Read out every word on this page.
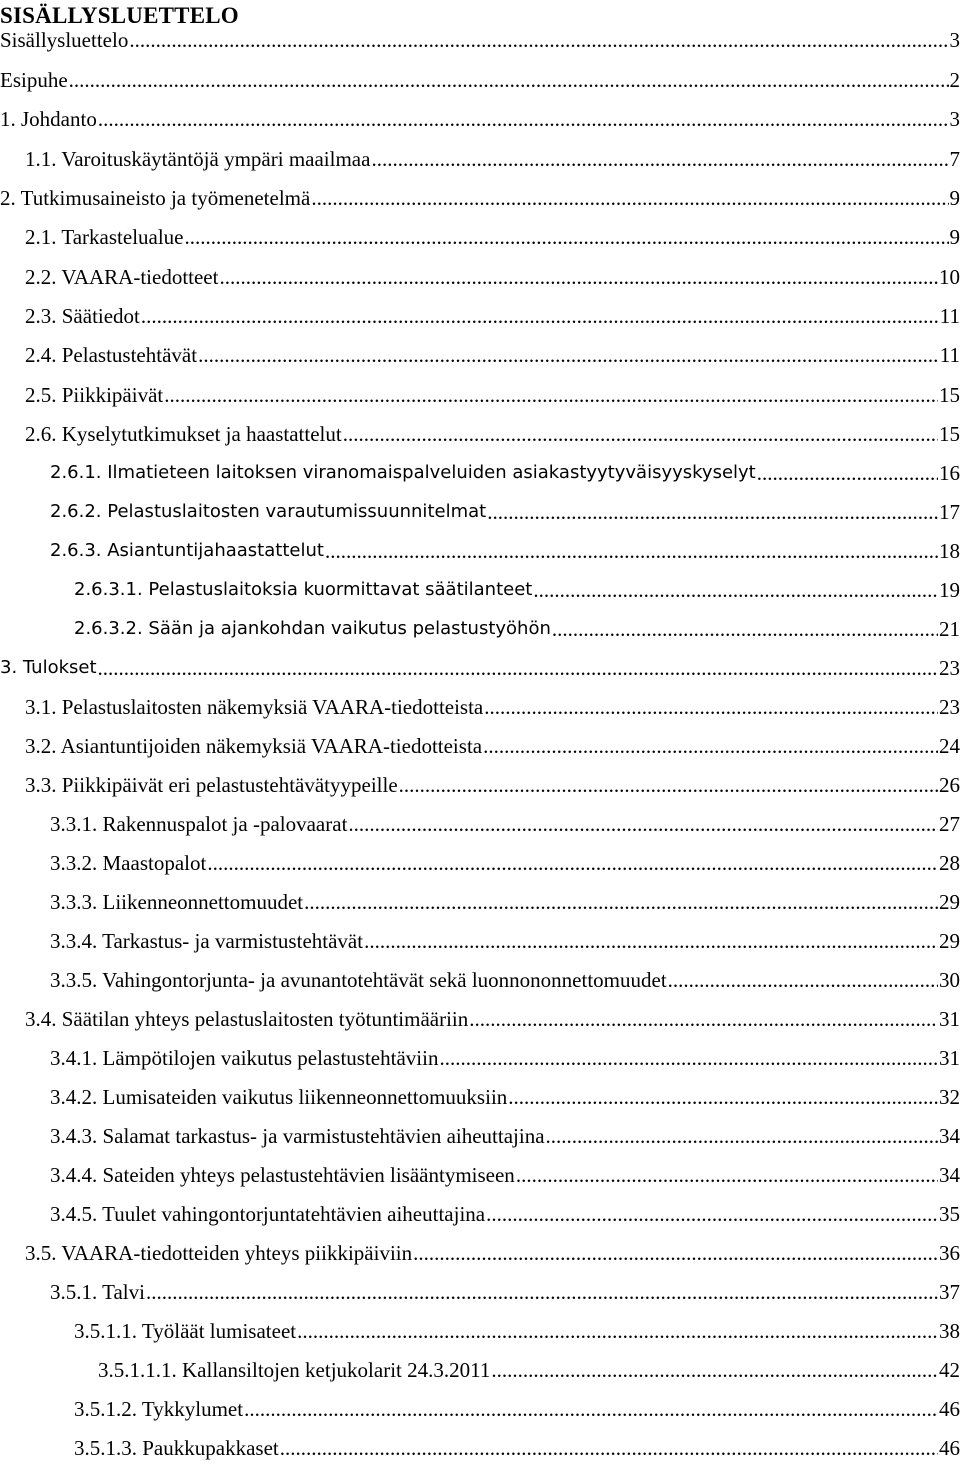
SISÄLLYSLUETTELO
Sisällysluettelo .....	3
Esipuhe .....	2
1. Johdanto .....	3
1.1. Varoituskäytäntöjä ympäri maailmaa .....	7
2. Tutkimusaineisto ja työmenetelmä .....	9
2.1. Tarkastelualue .....	9
2.2. VAARA-tiedotteet .....	10
2.3. Säätiedot .....	11
2.4. Pelastustehtävät .....	11
2.5. Piikkipäivät .....	15
2.6. Kyselytutkimukset ja haastattelut .....	15
2.6.1. Ilmatieteen laitoksen viranomaispalveluiden asiakastyytyväisyyskyselyt .....	16
2.6.2. Pelastuslaitosten varautumissuunnitelmat .....	17
2.6.3. Asiantuntijahaastattelut .....	18
2.6.3.1. Pelastuslaitoksia kuormittavat säätilanteet .....	19
2.6.3.2. Sään ja ajankohdan vaikutus pelastustyöhön .....	21
3. Tulokset .....	23
3.1. Pelastuslaitosten näkemyksiä VAARA-tiedotteista .....	23
3.2. Asiantuntijoiden näkemyksiä VAARA-tiedotteista .....	24
3.3. Piikkipäivät eri pelastustehtävätyypeille .....	26
3.3.1. Rakennuspalot ja -palovaarat .....	27
3.3.2. Maastopalot .....	28
3.3.3. Liikenneonnettomuudet .....	29
3.3.4. Tarkastus- ja varmistustehtävät .....	29
3.3.5. Vahingontorjunta- ja avunantotehtävät sekä luonnononnettomuudet .....	30
3.4. Säätilan yhteys pelastuslaitosten työtuntimääriin .....	31
3.4.1. Lämpötilojen vaikutus pelastustehtäviin .....	31
3.4.2. Lumisateiden vaikutus liikenneonnettomuuksiin .....	32
3.4.3. Salamat tarkastus- ja varmistustehtävien aiheuttajina .....	34
3.4.4. Sateiden yhteys pelastustehtävien lisääntymiseen .....	34
3.4.5. Tuulet vahingontorjuntatehtävien aiheuttajina .....	35
3.5. VAARA-tiedotteiden yhteys piikkipäiviin .....	36
3.5.1. Talvi .....	37
3.5.1.1. Työläät lumisateet .....	38
3.5.1.1.1. Kallansiltojen ketjukolarit 24.3.2011 .....	42
3.5.1.2. Tykkylumet .....	46
3.5.1.3. Paukkupakkaset .....	46
